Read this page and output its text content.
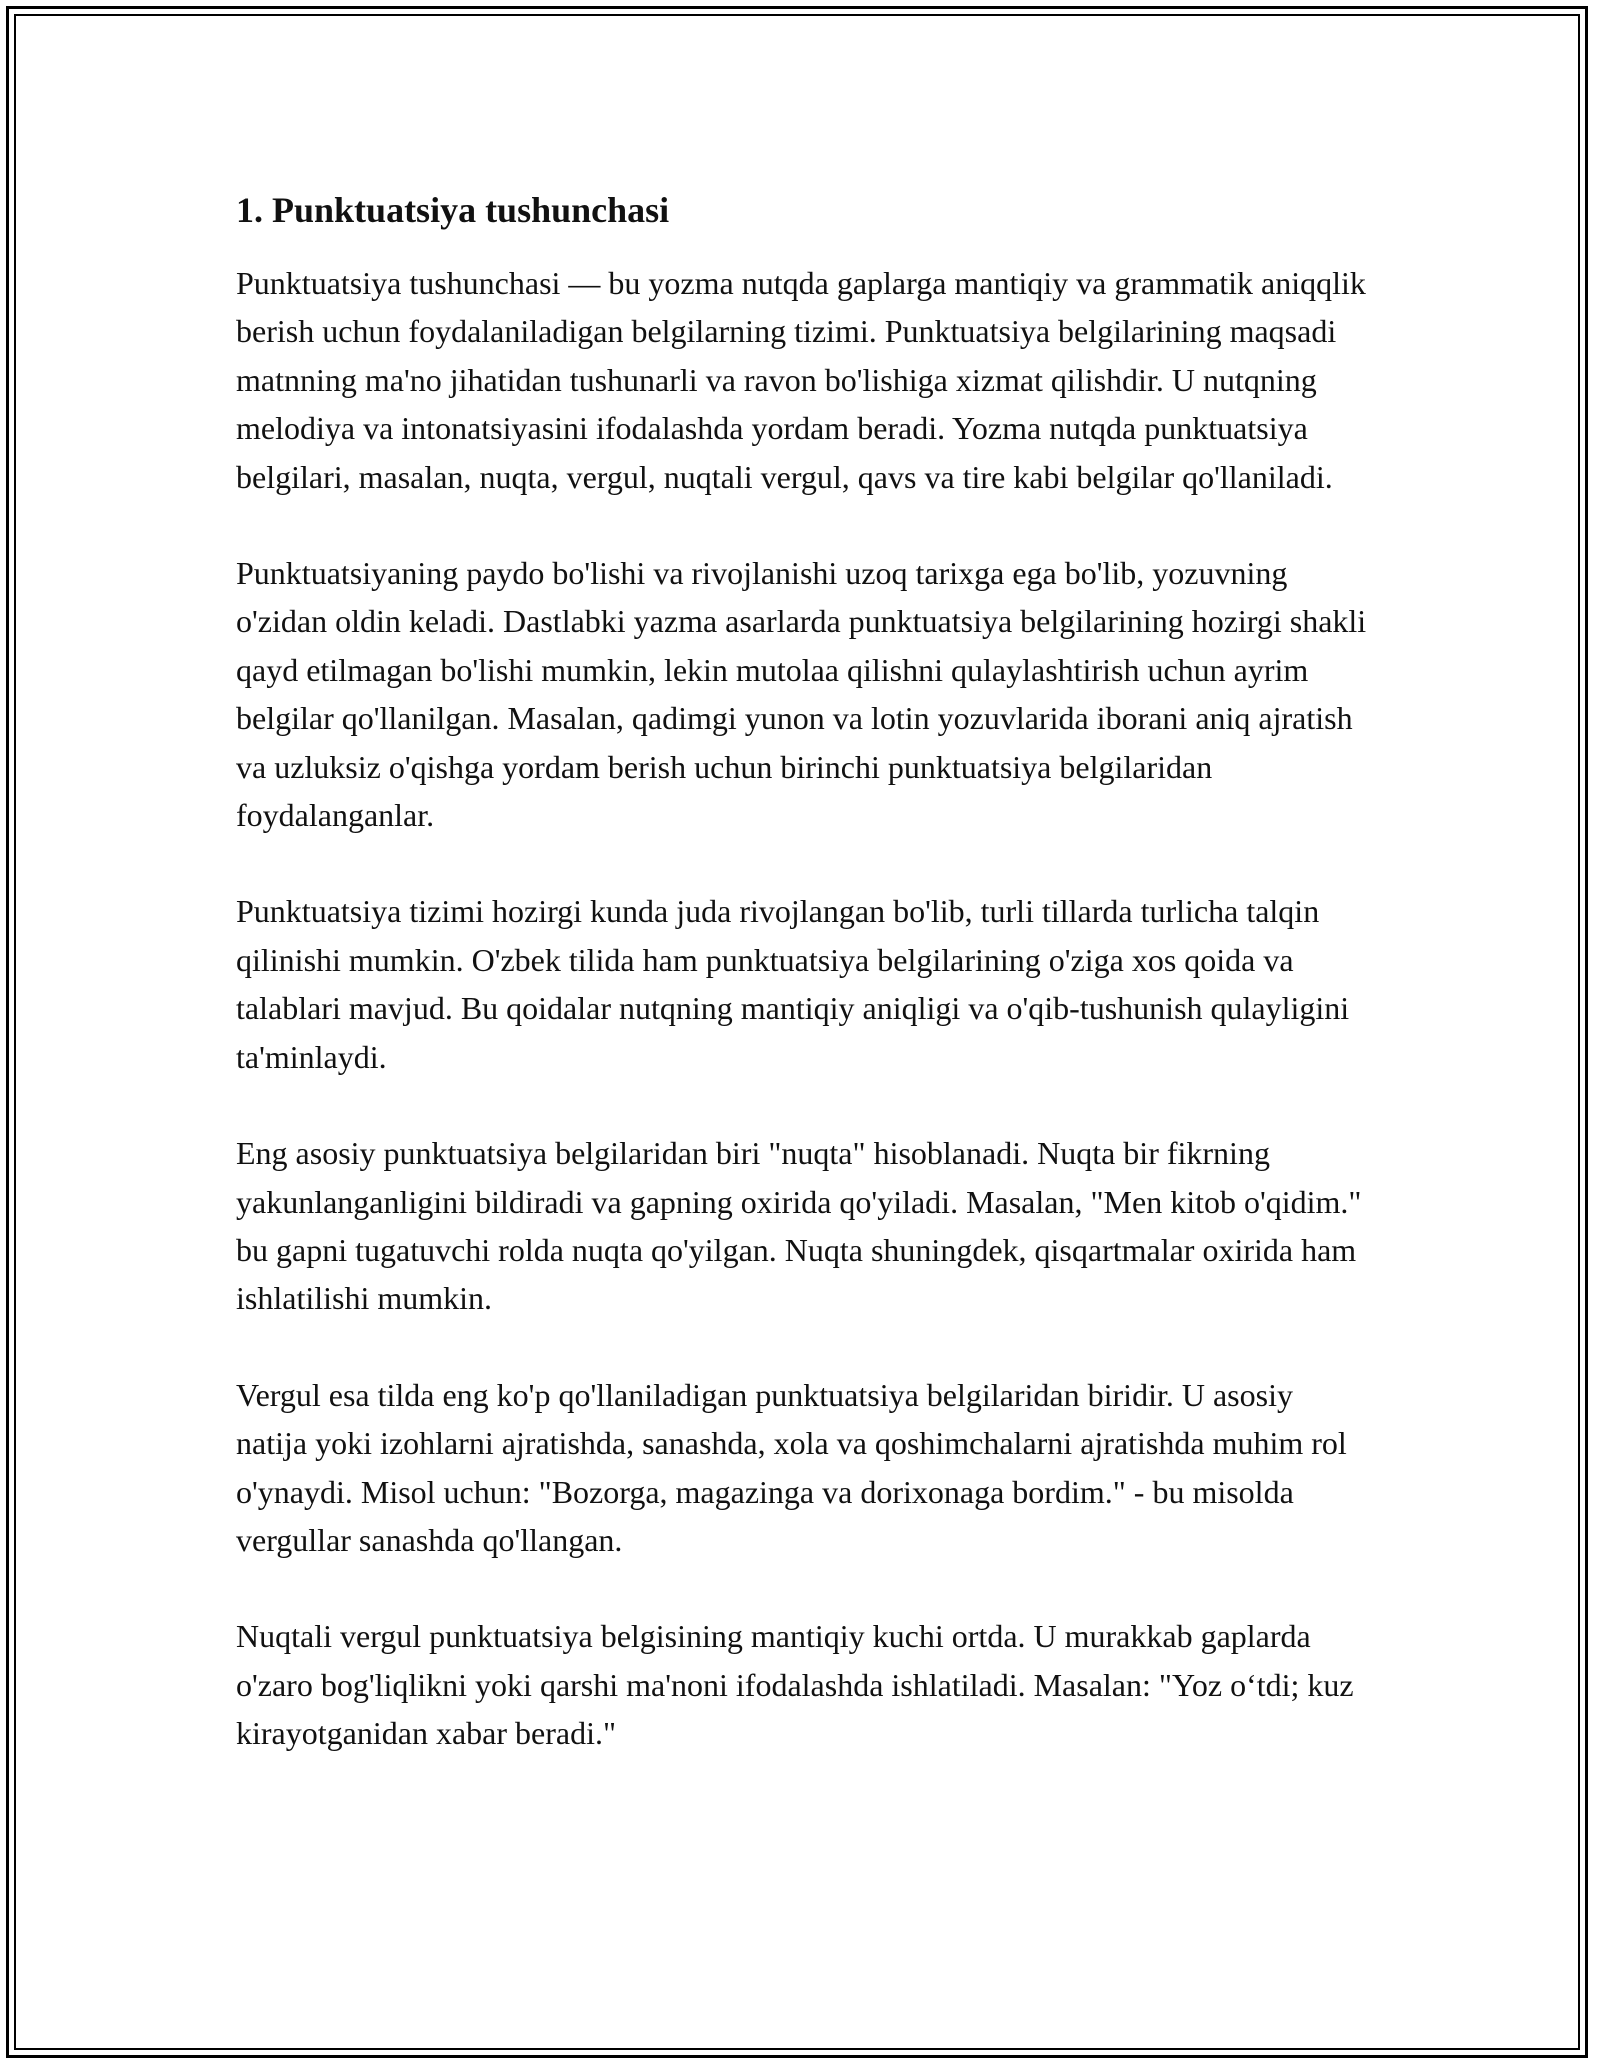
1. Punktuatsiya tushunchasi

Punktuatsiya tushunchasi — bu yozma nutqda gaplarga mantiqiy va grammatik aniqqlik berish uchun foydalaniladigan belgilarning tizimi. Punktuatsiya belgilarining maqsadi matnning ma'no jihatidan tushunarli va ravon bo'lishiga xizmat qilishdir. U nutqning melodiya va intonatsiyasini ifodalashda yordam beradi. Yozma nutqda punktuatsiya belgilari, masalan, nuqta, vergul, nuqtali vergul, qavs va tire kabi belgilar qo'llaniladi.

Punktuatsiyaning paydo bo'lishi va rivojlanishi uzoq tarixga ega bo'lib, yozuvning o'zidan oldin keladi. Dastlabki yazma asarlarda punktuatsiya belgilarining hozirgi shakli qayd etilmagan bo'lishi mumkin, lekin mutolaa qilishni qulaylashtirish uchun ayrim belgilar qo'llanilgan. Masalan, qadimgi yunon va lotin yozuvlarida iborani aniq ajratish va uzluksiz o'qishga yordam berish uchun birinchi punktuatsiya belgilaridan foydalanganlar.

Punktuatsiya tizimi hozirgi kunda juda rivojlangan bo'lib, turli tillarda turlicha talqin qilinishi mumkin. O'zbek tilida ham punktuatsiya belgilarining o'ziga xos qoida va talablari mavjud. Bu qoidalar nutqning mantiqiy aniqligi va o'qib-tushunish qulayligini ta'minlaydi.

Eng asosiy punktuatsiya belgilaridan biri "nuqta" hisoblanadi. Nuqta bir fikrning yakunlanganligini bildiradi va gapning oxirida qo'yiladi. Masalan, "Men kitob o'qidim." bu gapni tugatuvchi rolda nuqta qo'yilgan. Nuqta shuningdek, qisqartmalar oxirida ham ishlatilishi mumkin.

Vergul esa tilda eng ko'p qo'llaniladigan punktuatsiya belgilaridan biridir. U asosiy natija yoki izohlarni ajratishda, sanashda, xola va qoshimchalarni ajratishda muhim rol o'ynaydi. Misol uchun: "Bozorga, magazinga va dorixonaga bordim." - bu misolda vergullar sanashda qo'llangan.

Nuqtali vergul punktuatsiya belgisining mantiqiy kuchi ortda. U murakkab gaplarda o'zaro bog'liqlikni yoki qarshi ma'noni ifodalashda ishlatiladi. Masalan: "Yoz o‘tdi; kuz kirayotganidan xabar beradi."
